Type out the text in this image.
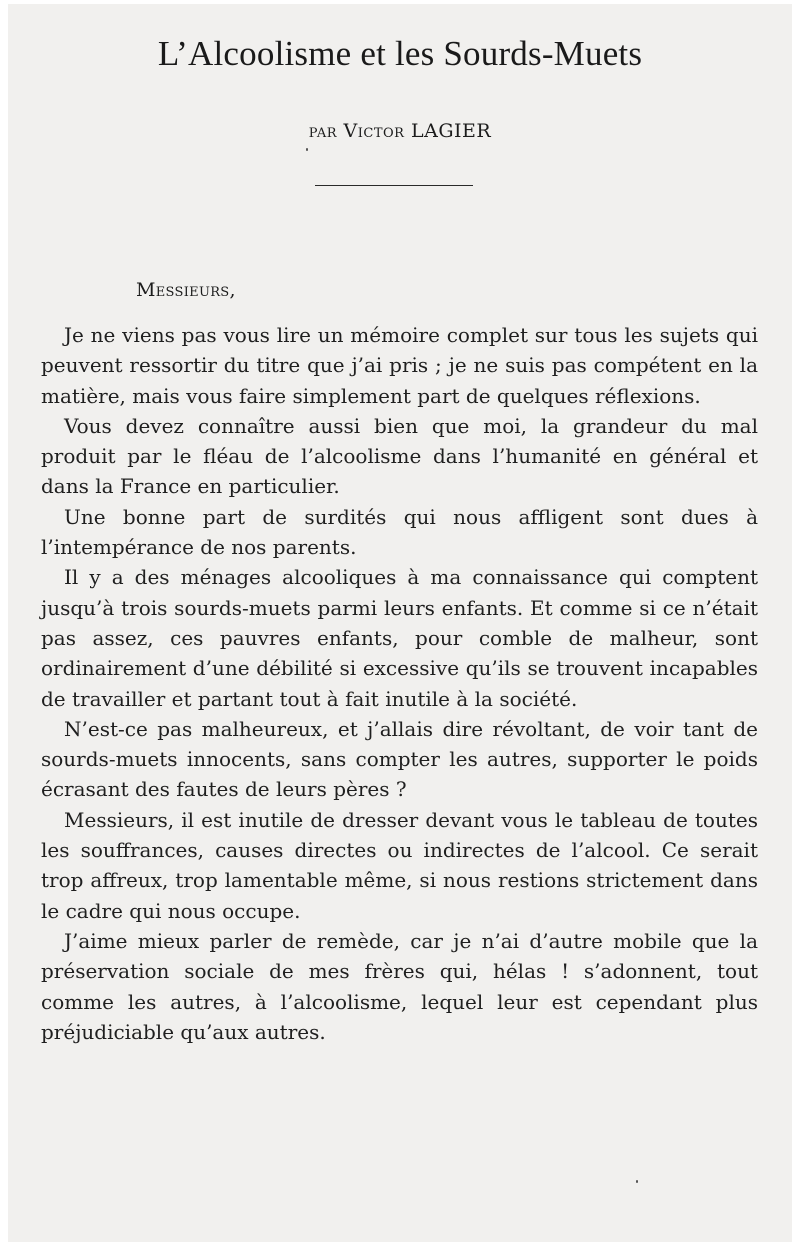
L’Alcoolisme et les Sourds-Muets
par Victor LAGIER
Messieurs,

Je ne viens pas vous lire un mémoire complet sur tous les sujets qui peuvent ressortir du titre que j’ai pris ; je ne suis pas compétent en la matière, mais vous faire simplement part de quelques réflexions.

Vous devez connaître aussi bien que moi, la grandeur du mal produit par le fléau de l’alcoolisme dans l’humanité en général et dans la France en particulier.

Une bonne part de surdités qui nous affligent sont dues à l’intempérance de nos parents.

Il y a des ménages alcooliques à ma connaissance qui comptent jusqu’à trois sourds-muets parmi leurs enfants. Et comme si ce n’était pas assez, ces pauvres enfants, pour comble de malheur, sont ordinairement d’une débilité si excessive qu’ils se trouvent incapables de travailler et partant tout à fait inutile à la société.

N’est-ce pas malheureux, et j’allais dire révoltant, de voir tant de sourds-muets innocents, sans compter les autres, supporter le poids écrasant des fautes de leurs pères ?

Messieurs, il est inutile de dresser devant vous le tableau de toutes les souffrances, causes directes ou indirectes de l’alcool. Ce serait trop affreux, trop lamentable même, si nous restions strictement dans le cadre qui nous occupe.

J’aime mieux parler de remède, car je n’ai d’autre mobile que la préservation sociale de mes frères qui, hélas ! s’adonnent, tout comme les autres, à l’alcoolisme, lequel leur est cependant plus préjudiciable qu’aux autres.
